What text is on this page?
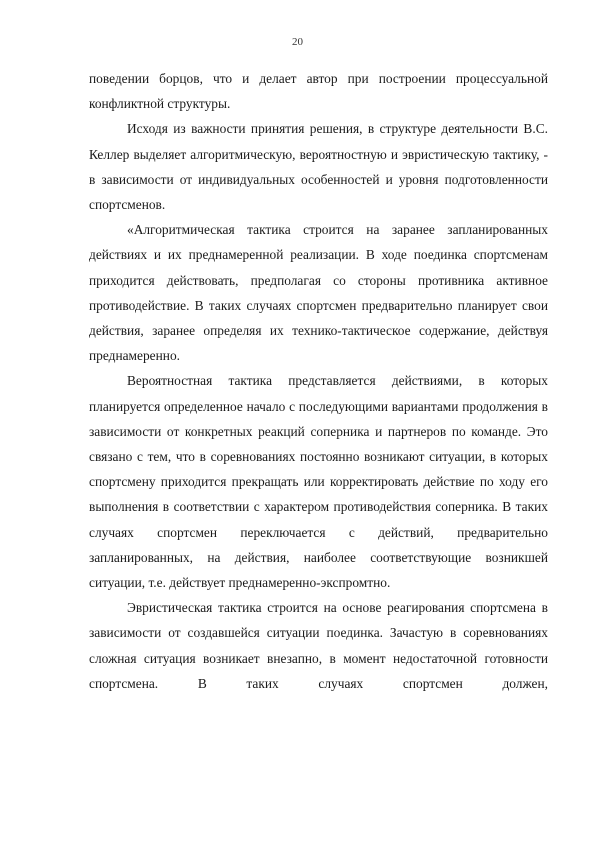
20

поведении борцов, что и делает автор при построении процессуальной конфликтной структуры.

Исходя из важности принятия решения, в структуре деятельности В.С. Келлер выделяет алгоритмическую, вероятностную и эвристическую тактику, - в зависимости от индивидуальных особенностей и уровня подготовленности спортсменов.

«Алгоритмическая тактика строится на заранее запланированных действиях и их преднамеренной реализации. В ходе поединка спортсменам приходится действовать, предполагая со стороны противника активное противодействие. В таких случаях спортсмен предварительно планирует свои действия, заранее определяя их технико-тактическое содержание, действуя преднамеренно.

Вероятностная тактика представляется действиями, в которых планируется определенное начало с последующими вариантами продолжения в зависимости от конкретных реакций соперника и партнеров по команде. Это связано с тем, что в соревнованиях постоянно возникают ситуации, в которых спортсмену приходится прекращать или корректировать действие по ходу его выполнения в соответствии с характером противодействия соперника. В таких случаях спортсмен переключается с действий, предварительно запланированных, на действия, наиболее соответствующие возникшей ситуации, т.е. действует преднамеренно-экспромтно.

Эвристическая тактика строится на основе реагирования спортсмена в зависимости от создавшейся ситуации поединка. Зачастую в соревнованиях сложная ситуация возникает внезапно, в момент недостаточной готовности спортсмена. В таких случаях спортсмен должен,
